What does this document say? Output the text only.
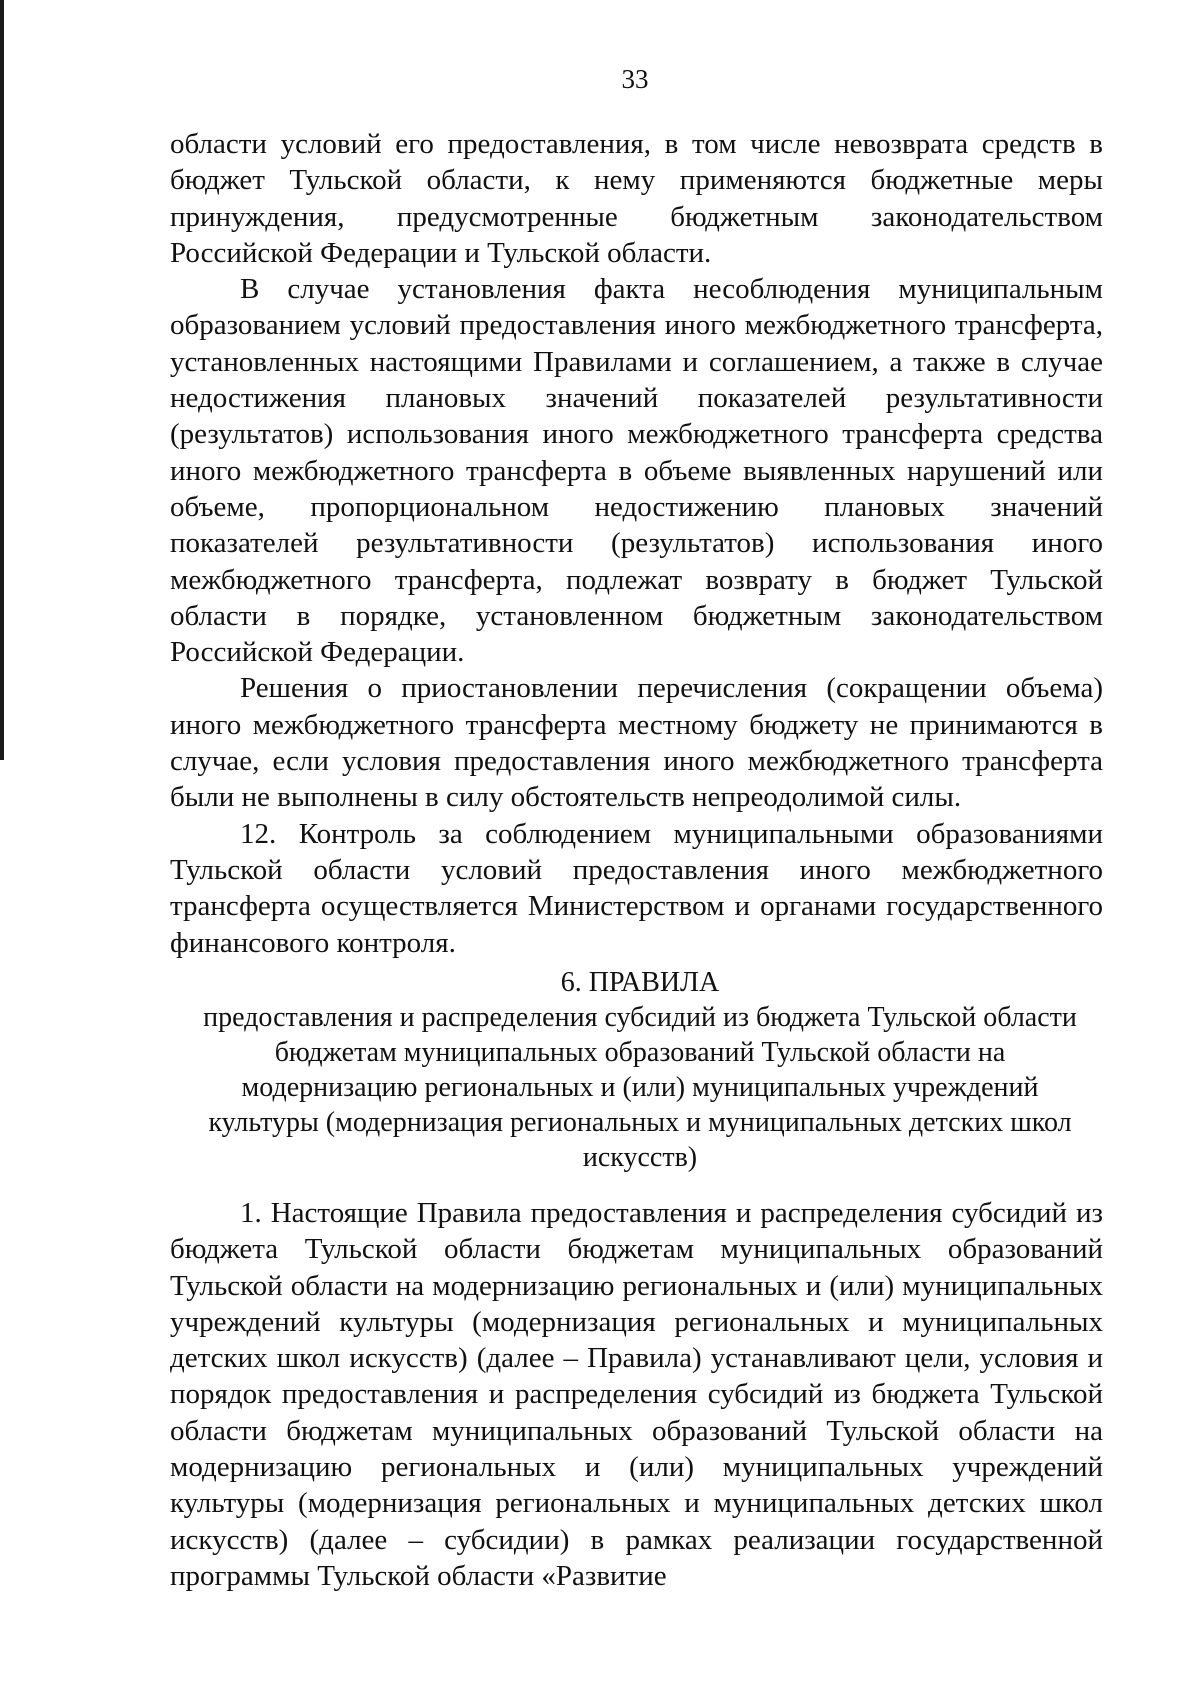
33

области условий его предоставления, в том числе невозврата средств в бюджет Тульской области, к нему применяются бюджетные меры принуждения, предусмотренные бюджетным законодательством Российской Федерации и Тульской области.

В случае установления факта несоблюдения муниципальным образованием условий предоставления иного межбюджетного трансферта, установленных настоящими Правилами и соглашением, а также в случае недостижения плановых значений показателей результативности (результатов) использования иного межбюджетного трансферта средства иного межбюджетного трансферта в объеме выявленных нарушений или объеме, пропорциональном недостижению плановых значений показателей результативности (результатов) использования иного межбюджетного трансферта, подлежат возврату в бюджет Тульской области в порядке, установленном бюджетным законодательством Российской Федерации.

Решения о приостановлении перечисления (сокращении объема) иного межбюджетного трансферта местному бюджету не принимаются в случае, если условия предоставления иного межбюджетного трансферта были не выполнены в силу обстоятельств непреодолимой силы.

12. Контроль за соблюдением муниципальными образованиями Тульской области условий предоставления иного межбюджетного трансферта осуществляется Министерством и органами государственного финансового контроля.

6. ПРАВИЛА

предоставления и распределения субсидий из бюджета Тульской области бюджетам муниципальных образований Тульской области на модернизацию региональных и (или) муниципальных учреждений культуры (модернизация региональных и муниципальных детских школ искусств)

1. Настоящие Правила предоставления и распределения субсидий из бюджета Тульской области бюджетам муниципальных образований Тульской области на модернизацию региональных и (или) муниципальных учреждений культуры (модернизация региональных и муниципальных детских школ искусств) (далее – Правила) устанавливают цели, условия и порядок предоставления и распределения субсидий из бюджета Тульской области бюджетам муниципальных образований Тульской области на модернизацию региональных и (или) муниципальных учреждений культуры (модернизация региональных и муниципальных детских школ искусств) (далее – субсидии) в рамках реализации государственной программы Тульской области «Развитие
